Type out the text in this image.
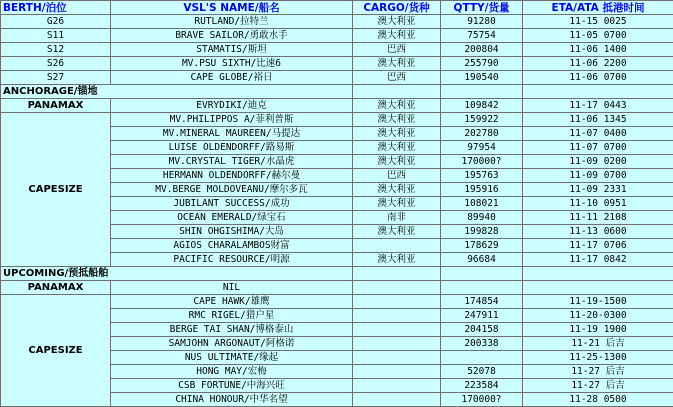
BERTH/泊位	VSL'S NAME/船名	CARGO/货种	QTTY/货量	ETA/ATA 抵港时间
G26	RUTLAND/拉特兰	澳大利亚	91280	11-15 0025
S11	BRAVE SAILOR/勇敢水手	澳大利亚	75754	11-05 0700
S12	STAMATIS/斯坦	巴西	200804	11-06 1400
S26	MV.PSU SIXTH/比速6	澳大利亚	255790	11-06 2200
S27	CAPE GLOBE/裕日	巴西	190540	11-06 0700
ANCHORAGE/锚地				
PANAMAX	EVRYDIKI/迪克	澳大利亚	109842	11-17 0443
CAPESIZE	MV.PHILIPPOS A/菲利普斯	澳大利亚	159922	11-06 1345
	MV.MINERAL MAUREEN/马提达	澳大利亚	202780	11-07 0400
	LUISE OLDENDORFF/路易斯	澳大利亚	97954	11-07 0700
	MV.CRYSTAL TIGER/水晶虎	澳大利亚	170000?	11-09 0200
	HERMANN OLDENDORFF/赫尔曼	巴西	195763	11-09 0700
	MV.BERGE MOLDOVEANU/摩尔多瓦	澳大利亚	195916	11-09 2331
	JUBILANT SUCCESS/成功	澳大利亚	108021	11-10 0951
	OCEAN EMERALD/绿宝石	南非	89940	11-11 2108
	SHIN OHGISHIMA/大岛	澳大利亚	199828	11-13 0600
	AGIOS CHARALAMBOS财富		178629	11-17 0706
	PACIFIC RESOURCE/明源	澳大利亚	96684	11-17 0842
UPCOMING/预抵船舶				
PANAMAX	NIL			
CAPESIZE	CAPE HAWK/雄鹰		174854	11-19-1500
	RMC RIGEL/猎户星		247911	11-20-0300
	BERGE TAI SHAN/博格泰山		204158	11-19 1900
	SAMJOHN ARGONAUT/阿格诺		200338	11-21 后吉
	NUS ULTIMATE/缘起			11-25-1300
	HONG MAY/宏梅		52078	11-27 后吉
	CSB FORTUNE/中海兴旺		223584	11-27 后吉
	CHINA HONOUR/中华名望		170000?	11-28 0500
